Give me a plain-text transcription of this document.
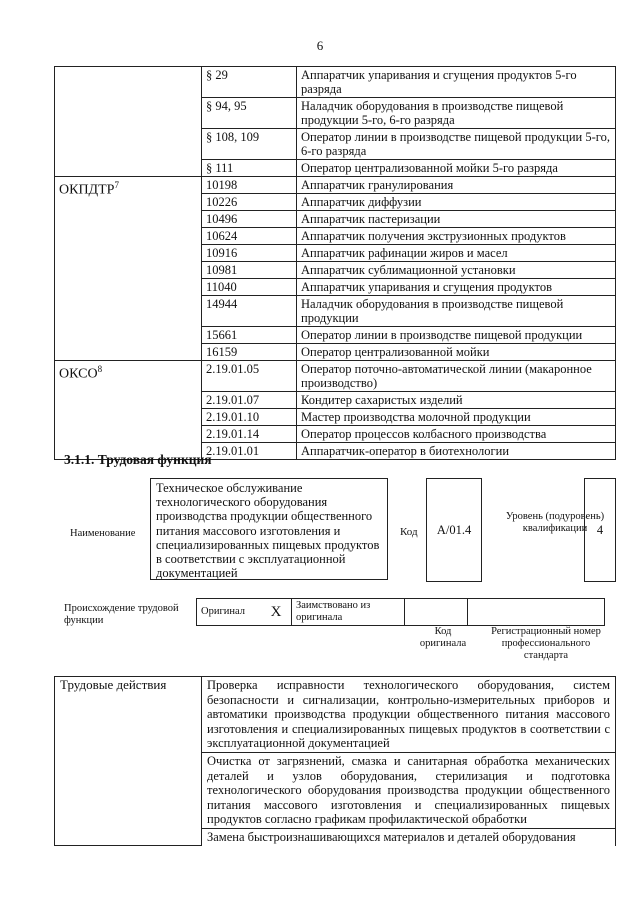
6
	§ 29	Аппаратчик упаривания и сгущения продуктов 5-го разряда
	§ 94, 95	Наладчик оборудования в производстве пищевой продукции 5-го, 6-го разряда
	§ 108, 109	Оператор линии в производстве пищевой продукции 5-го, 6-го разряда
	§ 111	Оператор централизованной мойки 5-го разряда
ОКПДТР$^7$	10198	Аппаратчик гранулирования
	10226	Аппаратчик диффузии
	10496	Аппаратчик пастеризации
	10624	Аппаратчик получения экструзионных продуктов
	10916	Аппаратчик рафинации жиров и масел
	10981	Аппаратчик сублимационной установки
	11040	Аппаратчик упаривания и сгущения продуктов
	14944	Наладчик оборудования в производстве пищевой продукции
	15661	Оператор линии в производстве пищевой продукции
	16159	Оператор централизованной мойки
ОКСО$^8$	2.19.01.05	Оператор поточно-автоматической линии (макаронное производство)
	2.19.01.07	Кондитер сахаристых изделий
	2.19.01.10	Мастер производства молочной продукции
	2.19.01.14	Оператор процессов колбасного производства
	2.19.01.01	Аппаратчик-оператор в биотехнологии
3.1.1. Трудовая функция
Наименование
Техническое обслуживание технологического оборудования производства продукции общественного питания массового изготовления и специализированных пищевых продуктов в соответствии с эксплуатационной документацией
Код	А/01.4
Уровень (подуровень) квалификации 4
Происхождение трудовой функции
Оригинал	X	Заимствовано из оригинала		
Код оригинала
Регистрационный номер профессионального стандарта
Трудовые действия	Проверка исправности технологического оборудования, систем безопасности и сигнализации, контрольно-измерительных приборов и автоматики производства продукции общественного питания массового изготовления и специализированных пищевых продуктов в соответствии с эксплуатационной документацией
Очистка от загрязнений, смазка и санитарная обработка механических деталей и узлов оборудования, стерилизация и подготовка технологического оборудования производства продукции общественного питания массового изготовления и специализированных пищевых продуктов согласно графикам профилактической обработки
Замена быстроизнашивающихся материалов и деталей оборудования
